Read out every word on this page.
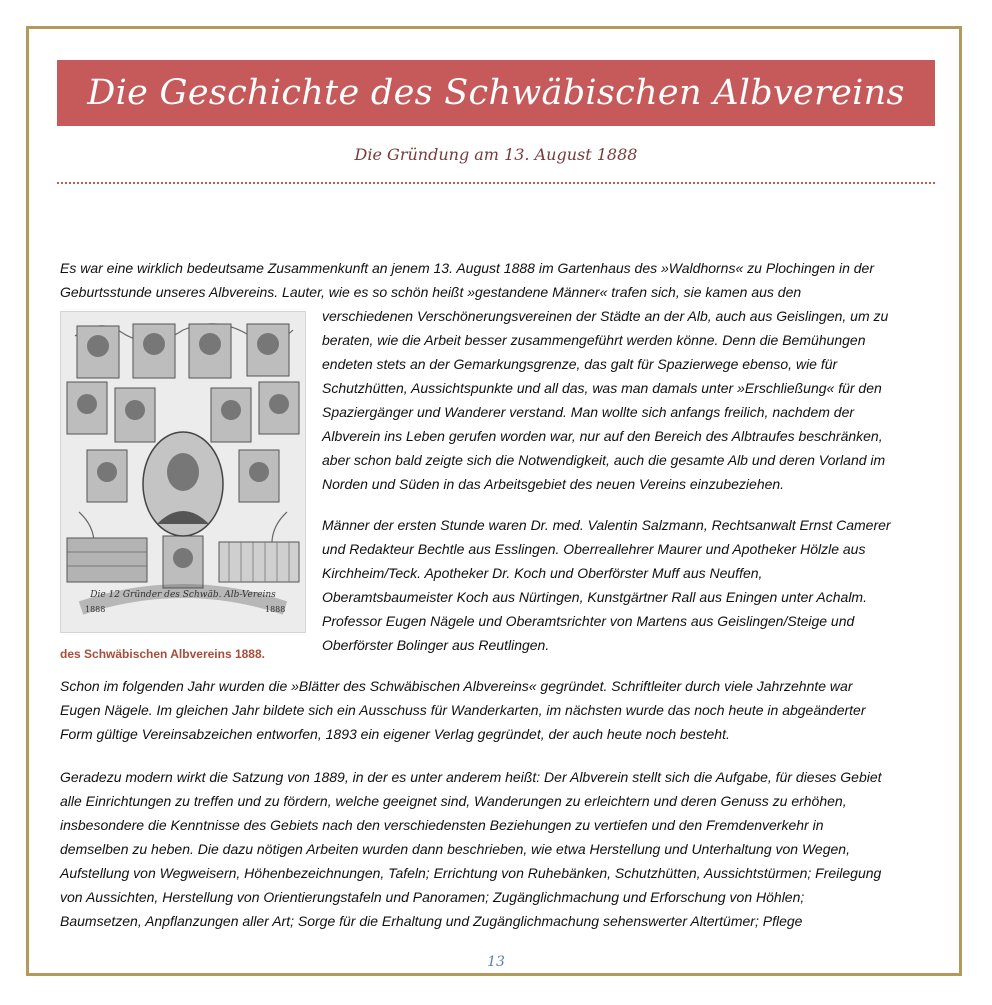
Die Geschichte des Schwäbischen Albvereins
Die Gründung am 13. August 1888

Es war eine wirklich bedeutsame Zusammenkunft an jenem 13. August 1888 im Gartenhaus des »Waldhorns« zu Plochingen in der
Geburtsstunde unseres Albvereins. Lauter, wie es so schön heißt »gestandene Männer« trafen sich, sie kamen aus den

Die 12 Gründer des Schwäb. Alb-Vereins
1888	1888

des Schwäbischen Albvereins 1888.

verschiedenen Verschönerungsvereinen der Städte an der Alb, auch aus Geislingen, um zu
beraten, wie die Arbeit besser zusammengeführt werden könne. Denn die Bemühungen
endeten stets an der Gemarkungsgrenze, das galt für Spazierwege ebenso, wie für
Schutzhütten, Aussichtspunkte und all das, was man damals unter »Erschließung« für den
Spaziergänger und Wanderer verstand. Man wollte sich anfangs freilich, nachdem der
Albverein ins Leben gerufen worden war, nur auf den Bereich des Albtraufes beschränken,
aber schon bald zeigte sich die Notwendigkeit, auch die gesamte Alb und deren Vorland im
Norden und Süden in das Arbeitsgebiet des neuen Vereins einzubeziehen.

Männer der ersten Stunde waren Dr. med. Valentin Salzmann, Rechtsanwalt Ernst Camerer
und Redakteur Bechtle aus Esslingen. Oberreallehrer Maurer und Apotheker Hölzle aus
Kirchheim/Teck. Apotheker Dr. Koch und Oberförster Muff aus Neuffen,
Oberamtsbaumeister Koch aus Nürtingen, Kunstgärtner Rall aus Eningen unter Achalm.
Professor Eugen Nägele und Oberamtsrichter von Martens aus Geislingen/Steige und
Oberförster Bolinger aus Reutlingen.

Schon im folgenden Jahr wurden die »Blätter des Schwäbischen Albvereins« gegründet. Schriftleiter durch viele Jahrzehnte war
Eugen Nägele. Im gleichen Jahr bildete sich ein Ausschuss für Wanderkarten, im nächsten wurde das noch heute in abgeänderter
Form gültige Vereinsabzeichen entworfen, 1893 ein eigener Verlag gegründet, der auch heute noch besteht.

Geradezu modern wirkt die Satzung von 1889, in der es unter anderem heißt: Der Albverein stellt sich die Aufgabe, für dieses Gebiet
alle Einrichtungen zu treffen und zu fördern, welche geeignet sind, Wanderungen zu erleichtern und deren Genuss zu erhöhen,
insbesondere die Kenntnisse des Gebiets nach den verschiedensten Beziehungen zu vertiefen und den Fremdenverkehr in
demselben zu heben. Die dazu nötigen Arbeiten wurden dann beschrieben, wie etwa Herstellung und Unterhaltung von Wegen,
Aufstellung von Wegweisern, Höhenbezeichnungen, Tafeln; Errichtung von Ruhebänken, Schutzhütten, Aussichtstürmen; Freilegung
von Aussichten, Herstellung von Orientierungstafeln und Panoramen; Zugänglichmachung und Erforschung von Höhlen;
Baumsetzen, Anpflanzungen aller Art; Sorge für die Erhaltung und Zugänglichmachung sehenswerter Altertümer; Pflege

13
